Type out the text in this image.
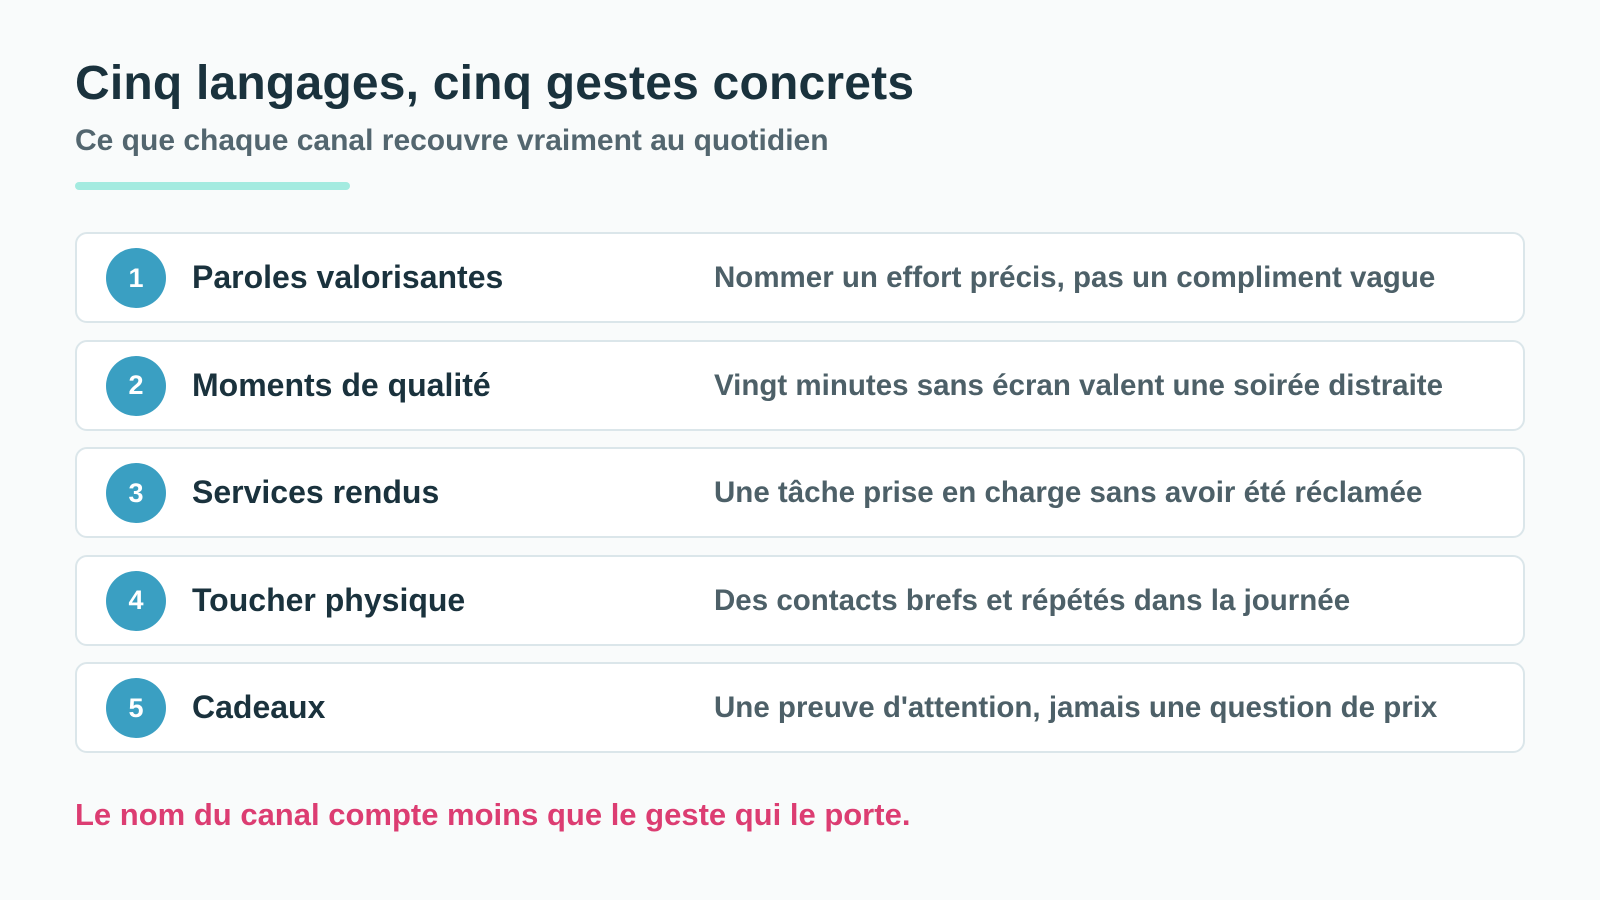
Cinq langages, cinq gestes concrets

Ce que chaque canal recouvre vraiment au quotidien

1	Paroles valorisantes	Nommer un effort précis, pas un compliment vague
2	Moments de qualité	Vingt minutes sans écran valent une soirée distraite
3	Services rendus	Une tâche prise en charge sans avoir été réclamée
4	Toucher physique	Des contacts brefs et répétés dans la journée
5	Cadeaux	Une preuve d'attention, jamais une question de prix

Le nom du canal compte moins que le geste qui le porte.
